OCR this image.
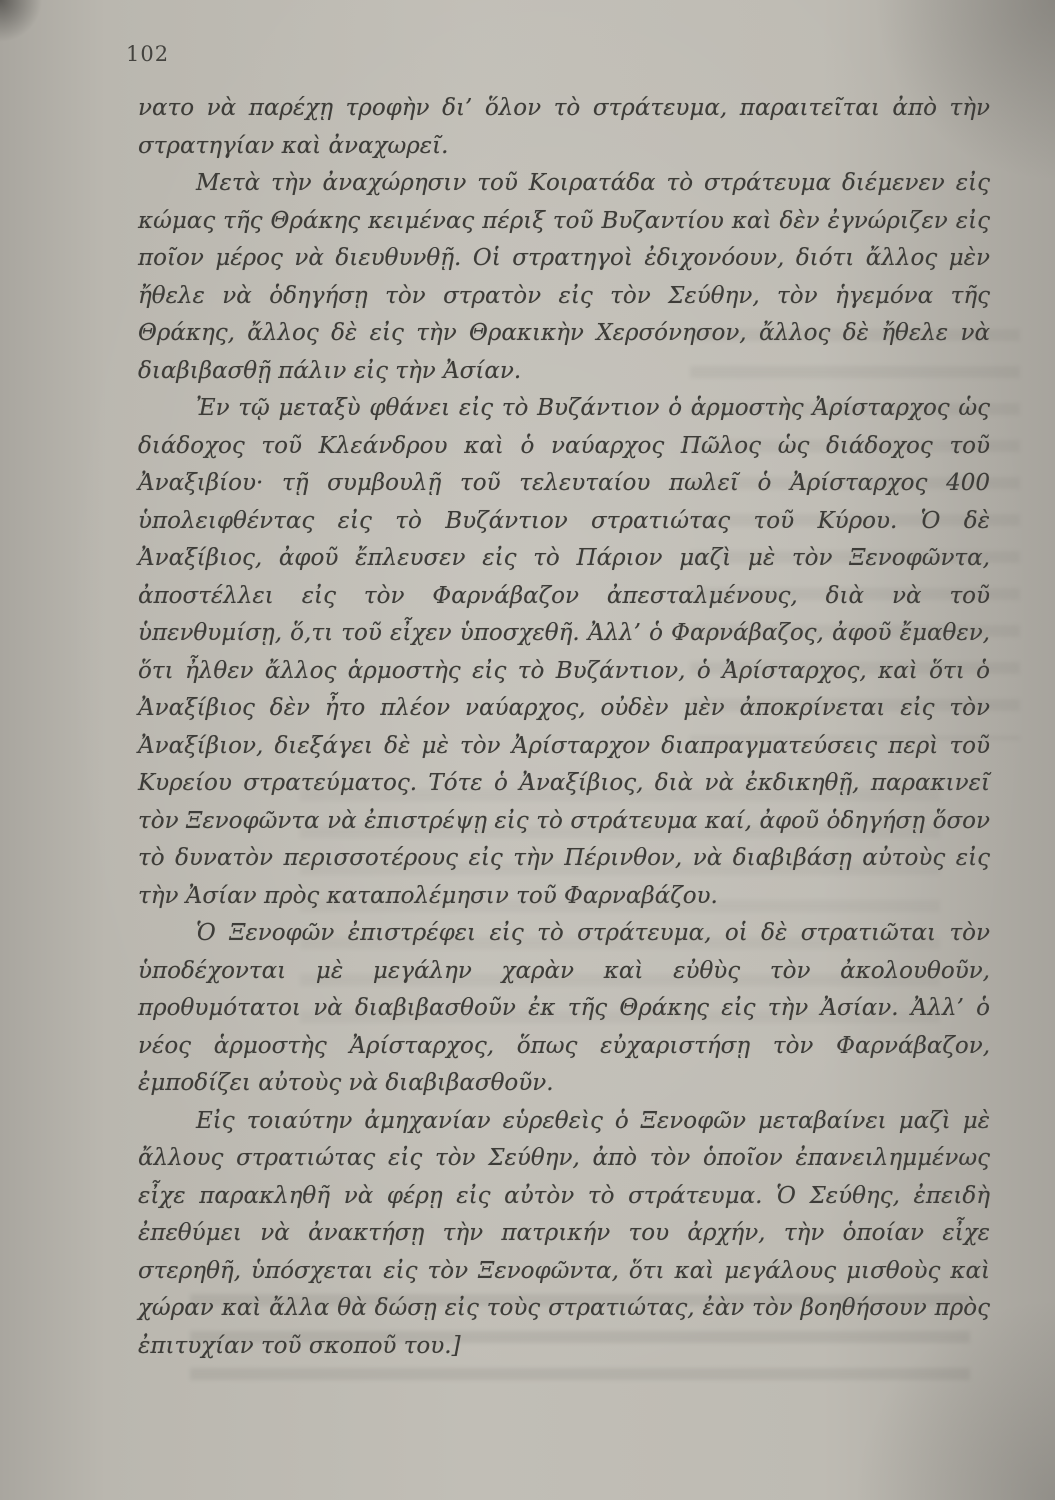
102

νατο νὰ παρέχῃ τροφὴν δι’ ὅλον τὸ στράτευμα, παραιτεῖται ἀπὸ τὴν στρατηγίαν καὶ ἀναχωρεῖ.

Μετὰ τὴν ἀναχώρησιν τοῦ Κοιρατάδα τὸ στράτευμα διέμενεν εἰς κώμας τῆς Θράκης κειμένας πέριξ τοῦ Βυζαντίου καὶ δὲν ἐγνώριζεν εἰς ποῖον μέρος νὰ διευθυνθῇ. Οἱ στρατηγοὶ ἐδιχονόουν, διότι ἄλλος μὲν ἤθελε νὰ ὁδηγήσῃ τὸν στρατὸν εἰς τὸν Σεύθην, τὸν ἡγεμόνα τῆς Θράκης, ἄλλος δὲ εἰς τὴν Θρακικὴν Χερσόνησον, ἄλλος δὲ ἤθελε νὰ διαβιβασθῇ πάλιν εἰς τὴν Ἀσίαν.

Ἐν τῷ μεταξὺ φθάνει εἰς τὸ Βυζάντιον ὁ ἁρμοστὴς Ἀρίσταρχος ὡς διάδοχος τοῦ Κλεάνδρου καὶ ὁ ναύαρχος Πῶλος ὡς διάδοχος τοῦ Ἀναξιβίου· τῇ συμβουλῇ τοῦ τελευταίου πωλεῖ ὁ Ἀρίσταρχος 400 ὑπολειφθέντας εἰς τὸ Βυζάντιον στρατιώτας τοῦ Κύρου. Ὁ δὲ Ἀναξίβιος, ἀφοῦ ἔπλευσεν εἰς τὸ Πάριον μαζὶ μὲ τὸν Ξενοφῶντα, ἀποστέλλει εἰς τὸν Φαρνάβαζον ἀπεσταλμένους, διὰ νὰ τοῦ ὑπενθυμίσῃ, ὅ,τι τοῦ εἶχεν ὑποσχεθῆ. Ἀλλ’ ὁ Φαρνάβαζος, ἀφοῦ ἔμαθεν, ὅτι ἦλθεν ἄλλος ἁρμοστὴς εἰς τὸ Βυζάντιον, ὁ Ἀρίσταρχος, καὶ ὅτι ὁ Ἀναξίβιος δὲν ἦτο πλέον ναύαρχος, οὐδὲν μὲν ἀποκρίνεται εἰς τὸν Ἀναξίβιον, διεξάγει δὲ μὲ τὸν Ἀρίσταρχον διαπραγματεύσεις περὶ τοῦ Κυρείου στρατεύματος. Τότε ὁ Ἀναξίβιος, διὰ νὰ ἐκδικηθῇ, παρακινεῖ τὸν Ξενοφῶντα νὰ ἐπιστρέψῃ εἰς τὸ στράτευμα καί, ἀφοῦ ὁδηγήσῃ ὅσον τὸ δυνατὸν περισσοτέρους εἰς τὴν Πέρινθον, νὰ διαβιβάσῃ αὐτοὺς εἰς τὴν Ἀσίαν πρὸς καταπολέμησιν τοῦ Φαρναβάζου.

Ὁ Ξενοφῶν ἐπιστρέφει εἰς τὸ στράτευμα, οἱ δὲ στρατιῶται τὸν ὑποδέχονται μὲ μεγάλην χαρὰν καὶ εὐθὺς τὸν ἀκολουθοῦν, προθυμότατοι νὰ διαβιβασθοῦν ἐκ τῆς Θράκης εἰς τὴν Ἀσίαν. Ἀλλ’ ὁ νέος ἁρμοστὴς Ἀρίσταρχος, ὅπως εὐχαριστήσῃ τὸν Φαρνάβαζον, ἐμποδίζει αὐτοὺς νὰ διαβιβασθοῦν.

Εἰς τοιαύτην ἀμηχανίαν εὑρεθεὶς ὁ Ξενοφῶν μεταβαίνει μαζὶ μὲ ἄλλους στρατιώτας εἰς τὸν Σεύθην, ἀπὸ τὸν ὁποῖον ἐπανειλημμένως εἶχε παρακληθῆ νὰ φέρῃ εἰς αὐτὸν τὸ στράτευμα. Ὁ Σεύθης, ἐπειδὴ ἐπεθύμει νὰ ἀνακτήσῃ τὴν πατρικήν του ἀρχήν, τὴν ὁποίαν εἶχε στερηθῆ, ὑπόσχεται εἰς τὸν Ξενοφῶντα, ὅτι καὶ μεγάλους μισθοὺς καὶ χώραν καὶ ἄλλα θὰ δώσῃ εἰς τοὺς στρατιώτας, ἐὰν τὸν βοηθήσουν πρὸς ἐπιτυχίαν τοῦ σκοποῦ του.]
